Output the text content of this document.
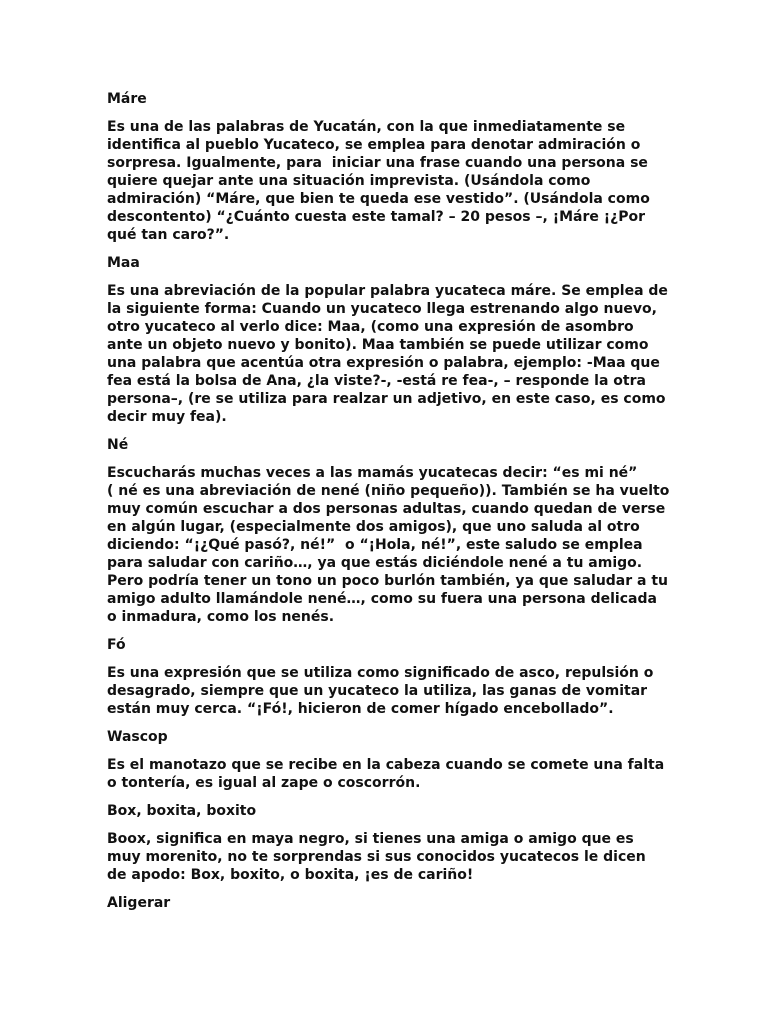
Máre

Es una de las palabras de Yucatán, con la que inmediatamente se
identifica al pueblo Yucateco, se emplea para denotar admiración o
sorpresa. Igualmente, para  iniciar una frase cuando una persona se
quiere quejar ante una situación imprevista. (Usándola como
admiración) “Máre, que bien te queda ese vestido”. (Usándola como
descontento) “¿Cuánto cuesta este tamal? – 20 pesos –, ¡Máre ¡¿Por
qué tan caro?”.

Maa

Es una abreviación de la popular palabra yucateca máre. Se emplea de
la siguiente forma: Cuando un yucateco llega estrenando algo nuevo,
otro yucateco al verlo dice: Maa, (como una expresión de asombro
ante un objeto nuevo y bonito). Maa también se puede utilizar como
una palabra que acentúa otra expresión o palabra, ejemplo: -Maa que
fea está la bolsa de Ana, ¿la viste?-, -está re fea-, – responde la otra
persona–, (re se utiliza para realzar un adjetivo, en este caso, es como
decir muy fea).

Né

Escucharás muchas veces a las mamás yucatecas decir: “es mi né”
( né es una abreviación de nené (niño pequeño)). También se ha vuelto
muy común escuchar a dos personas adultas, cuando quedan de verse
en algún lugar, (especialmente dos amigos), que uno saluda al otro
diciendo: “¡¿Qué pasó?, né!”  o “¡Hola, né!”, este saludo se emplea
para saludar con cariño…, ya que estás diciéndole nené a tu amigo.
Pero podría tener un tono un poco burlón también, ya que saludar a tu
amigo adulto llamándole nené…, como su fuera una persona delicada
o inmadura, como los nenés.

Fó

Es una expresión que se utiliza como significado de asco, repulsión o
desagrado, siempre que un yucateco la utiliza, las ganas de vomitar
están muy cerca. “¡Fó!, hicieron de comer hígado encebollado”.

Wascop

Es el manotazo que se recibe en la cabeza cuando se comete una falta
o tontería, es igual al zape o coscorrón.

Box, boxita, boxito

Boox, significa en maya negro, si tienes una amiga o amigo que es
muy morenito, no te sorprendas si sus conocidos yucatecos le dicen
de apodo: Box, boxito, o boxita, ¡es de cariño!

Aligerar
